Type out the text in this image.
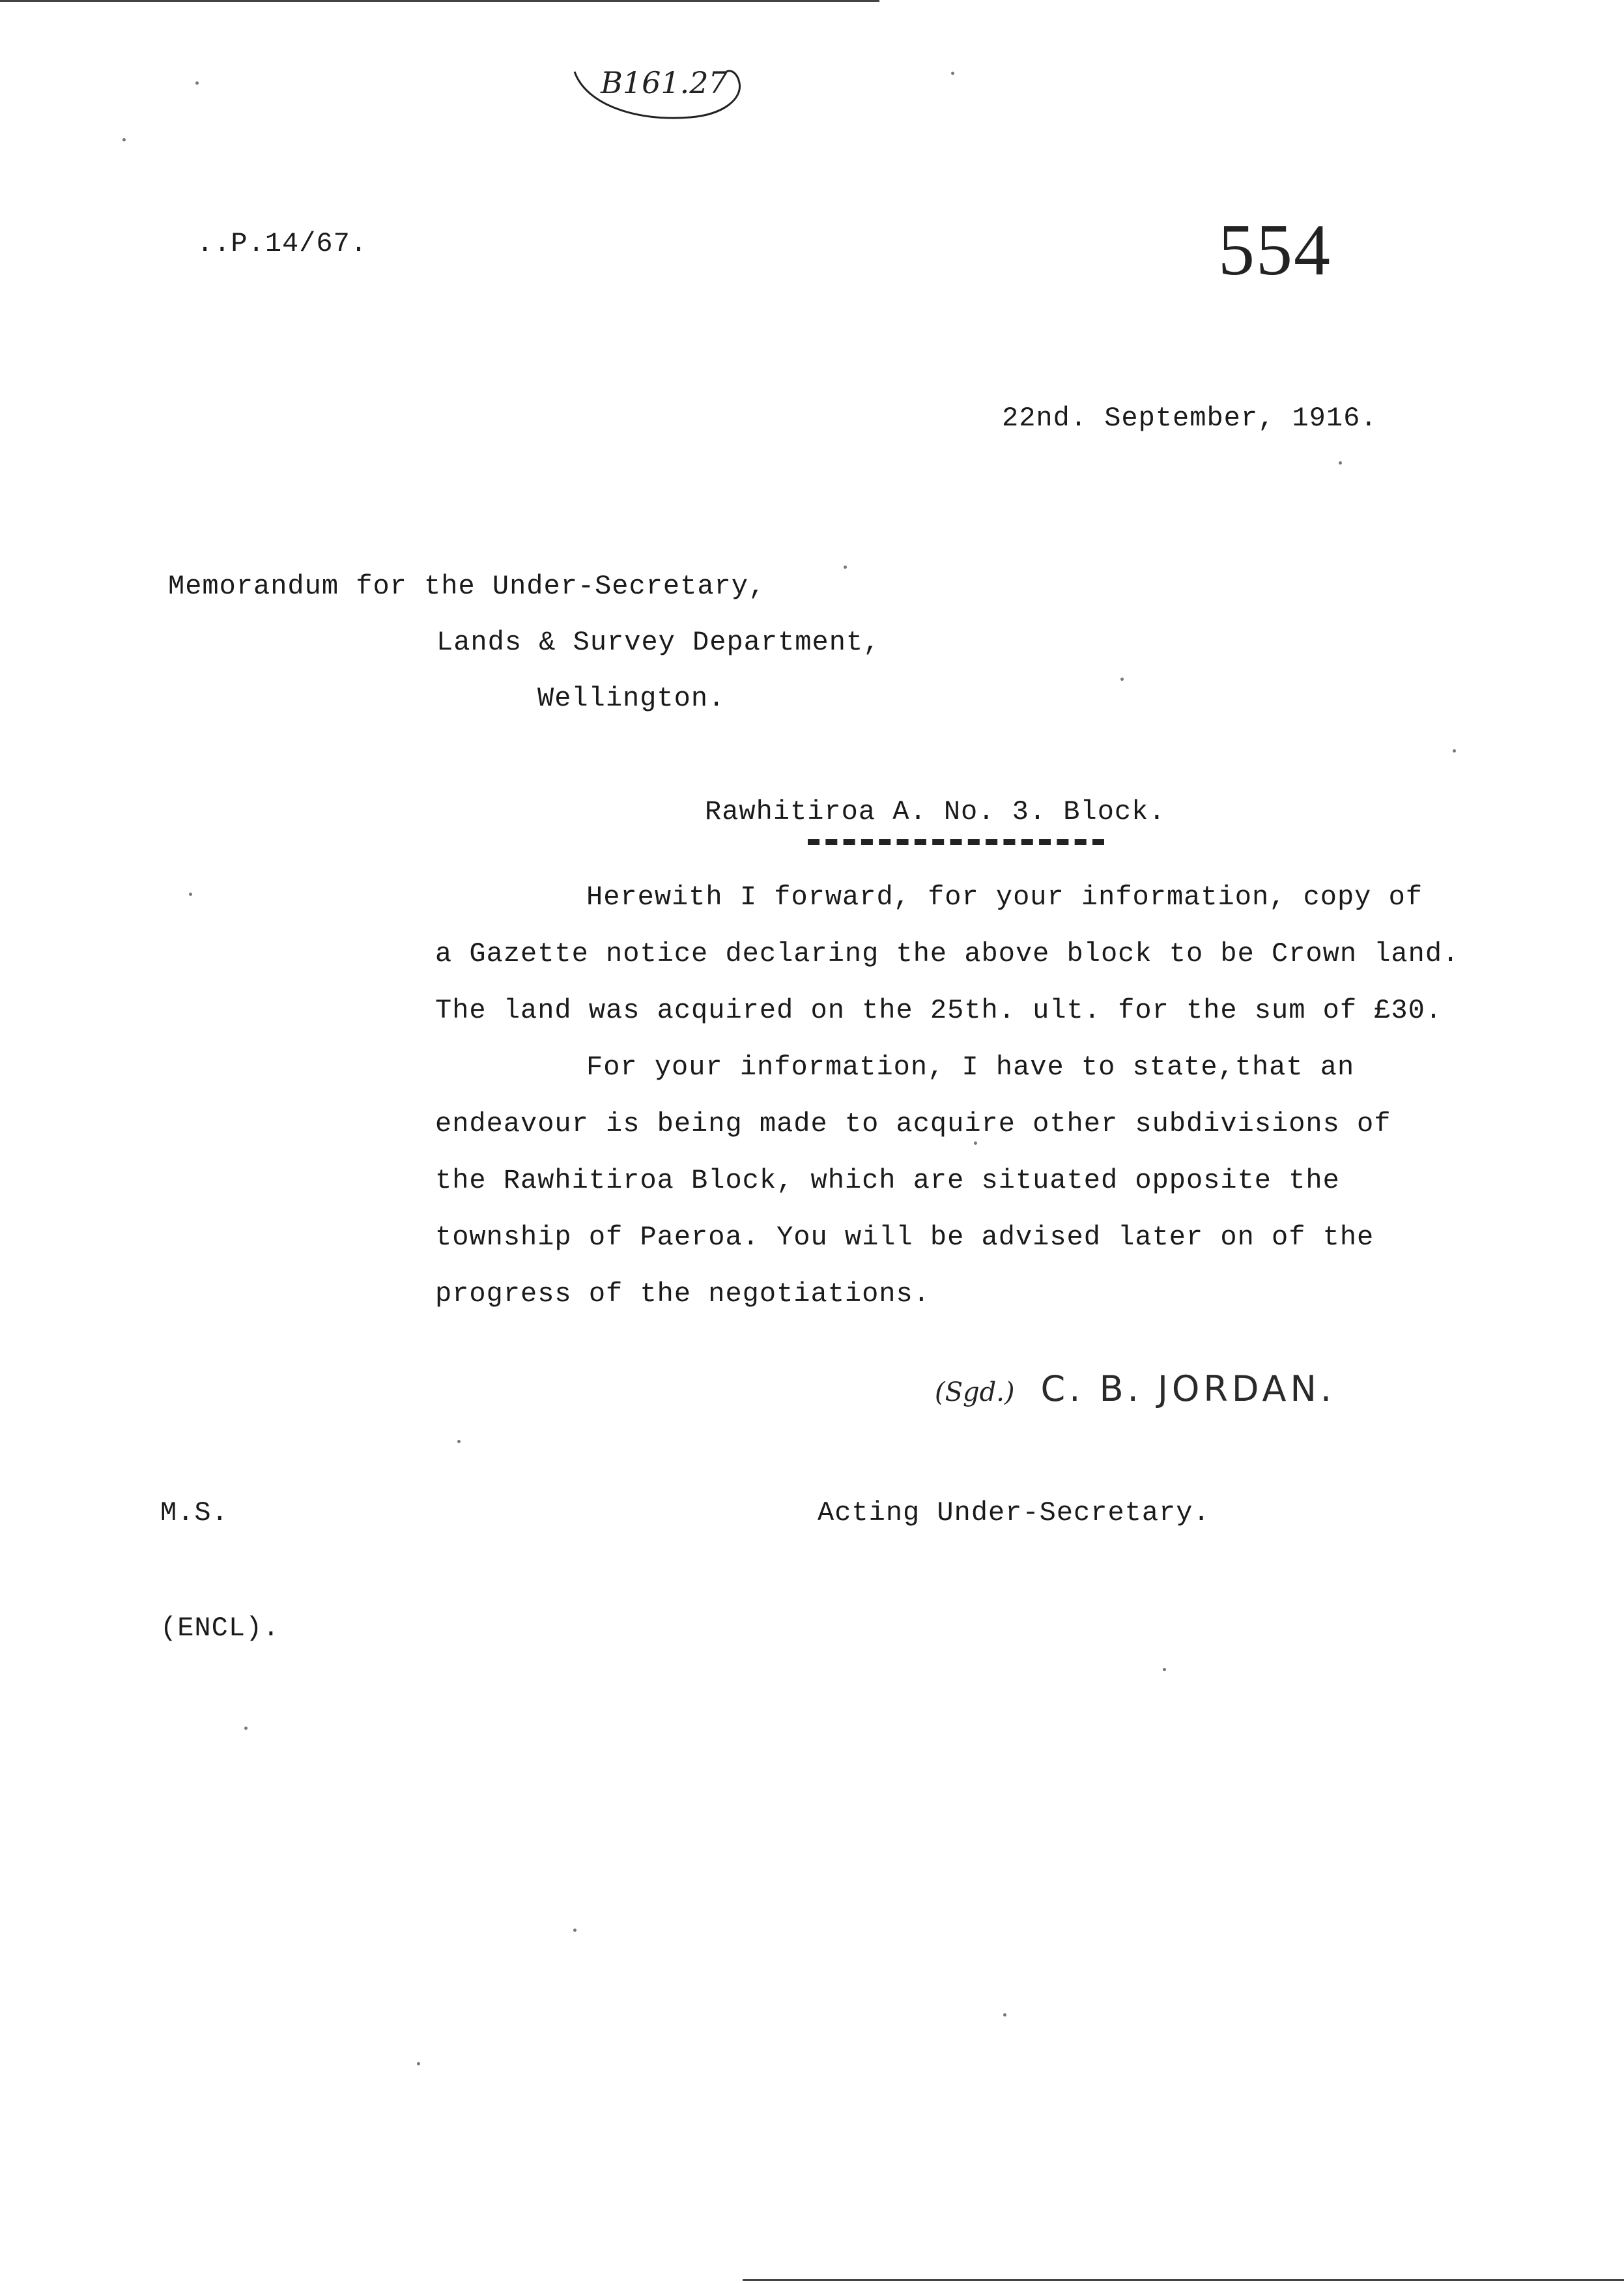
B161.27
..P.14/67.	554
22nd. September, 1916.
Memorandum for the Under-Secretary,
Lands & Survey Department,
Wellington.
Rawhitiroa A. No. 3. Block.
Herewith I forward, for your information, copy of
a Gazette notice declaring the above block to be Crown land.
The land was acquired on the 25th. ult. for the sum of £30.
For your information, I have to state,that an
endeavour is being made to acquire other subdivisions of
the Rawhitiroa Block, which are situated opposite the
township of Paeroa. You will be advised later on of the
progress of the negotiations.
(Sgd.) C. B. JORDAN.
M.S.	Acting Under-Secretary.
(ENCL).
